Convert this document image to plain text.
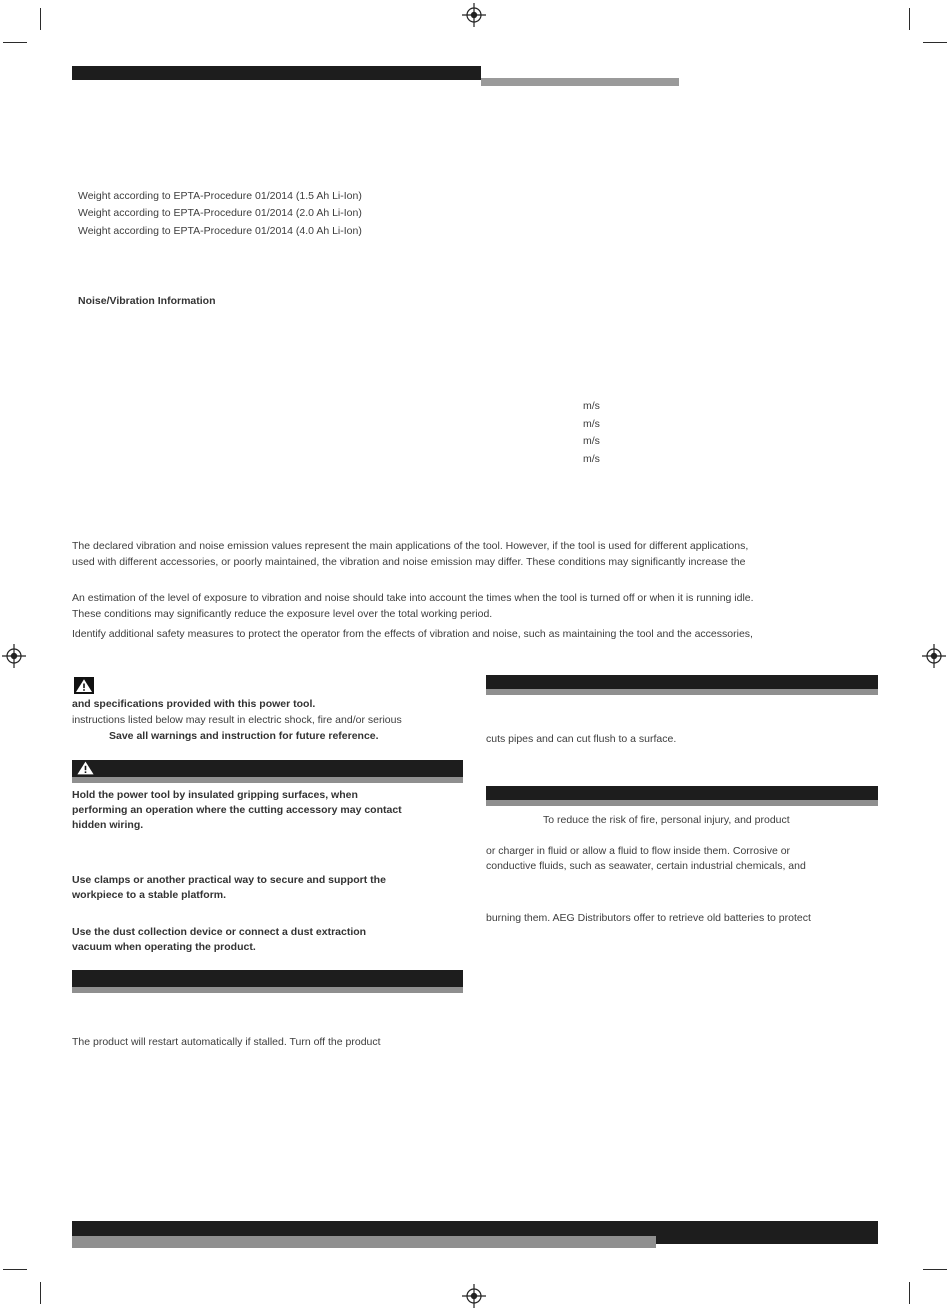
Weight according to EPTA-Procedure 01/2014 (1.5 Ah Li-Ion)
Weight according to EPTA-Procedure 01/2014 (2.0 Ah Li-Ion)
Weight according to EPTA-Procedure 01/2014 (4.0 Ah Li-Ion)
Noise/Vibration Information
m/s
m/s
m/s
m/s
The declared vibration and noise emission values represent the main applications of the tool. However, if the tool is used for different applications,
used with different accessories, or poorly maintained, the vibration and noise emission may differ. These conditions may significantly increase the
An estimation of the level of exposure to vibration and noise should take into account the times when the tool is turned off or when it is running idle.
These conditions may significantly reduce the exposure level over the total working period.
Identify additional safety measures to protect the operator from the effects of vibration and noise, such as maintaining the tool and the accessories,
and specifications provided with this power tool.
instructions listed below may result in electric shock, fire and/or serious
Save all warnings and instruction for future reference.
Hold the power tool by insulated gripping surfaces, when
performing an operation where the cutting accessory may contact
hidden wiring.
Use clamps or another practical way to secure and support the
workpiece to a stable platform.
Use the dust collection device or connect a dust extraction
vacuum when operating the product.
The product will restart automatically if stalled. Turn off the product
cuts pipes and can cut flush to a surface.
To reduce the risk of fire, personal injury, and product
or charger in fluid or allow a fluid to flow inside them. Corrosive or
conductive fluids, such as seawater, certain industrial chemicals, and
burning them. AEG Distributors offer to retrieve old batteries to protect
